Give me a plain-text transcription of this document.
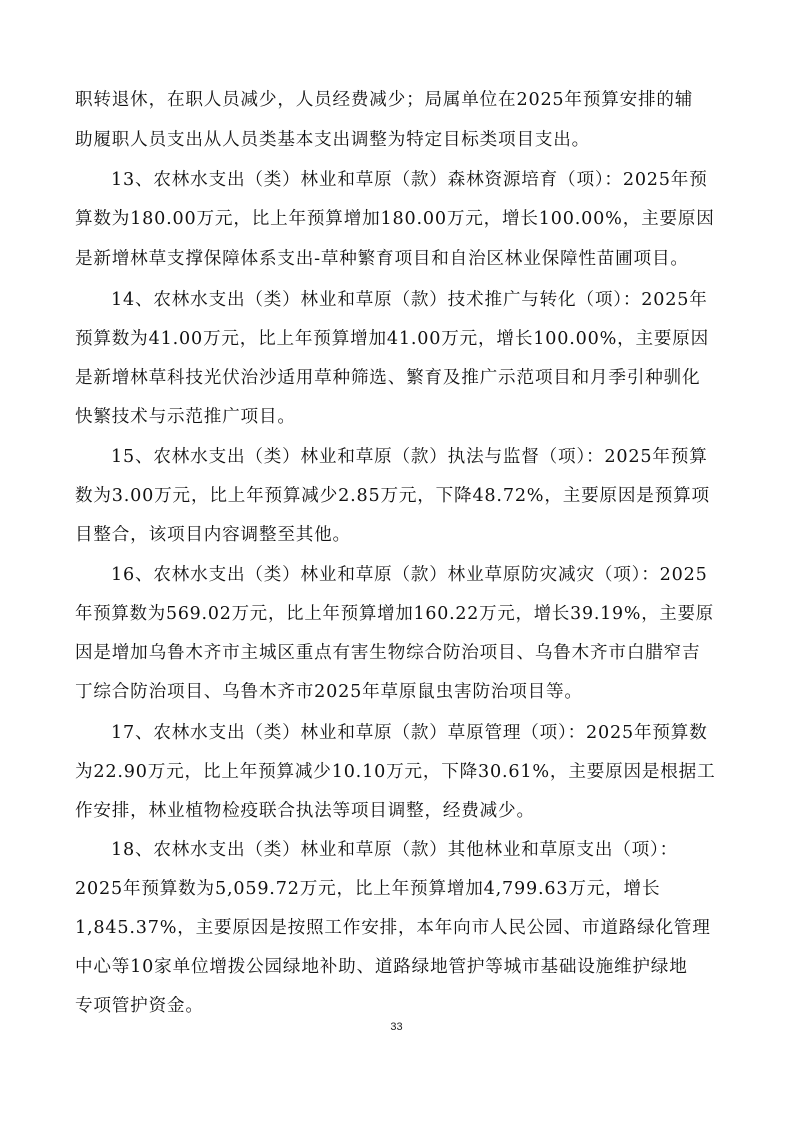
职转退休，在职人员减少，人员经费减少；局属单位在2025年预算安排的辅
助履职人员支出从人员类基本支出调整为特定目标类项目支出。
13、农林水支出（类）林业和草原（款）森林资源培育（项）：2025年预
算数为180.00万元，比上年预算增加180.00万元，增长100.00%，主要原因
是新增林草支撑保障体系支出-草种繁育项目和自治区林业保障性苗圃项目。
14、农林水支出（类）林业和草原（款）技术推广与转化（项）：2025年
预算数为41.00万元，比上年预算增加41.00万元，增长100.00%，主要原因
是新增林草科技光伏治沙适用草种筛选、繁育及推广示范项目和月季引种驯化
快繁技术与示范推广项目。
15、农林水支出（类）林业和草原（款）执法与监督（项）：2025年预算
数为3.00万元，比上年预算减少2.85万元，下降48.72%，主要原因是预算项
目整合，该项目内容调整至其他。
16、农林水支出（类）林业和草原（款）林业草原防灾减灾（项）：2025
年预算数为569.02万元，比上年预算增加160.22万元，增长39.19%，主要原
因是增加乌鲁木齐市主城区重点有害生物综合防治项目、乌鲁木齐市白腊窄吉
丁综合防治项目、乌鲁木齐市2025年草原鼠虫害防治项目等。
17、农林水支出（类）林业和草原（款）草原管理（项）：2025年预算数
为22.90万元，比上年预算减少10.10万元，下降30.61%，主要原因是根据工
作安排，林业植物检疫联合执法等项目调整，经费减少。
18、农林水支出（类）林业和草原（款）其他林业和草原支出（项）：
2025年预算数为5,059.72万元，比上年预算增加4,799.63万元，增长
1,845.37%，主要原因是按照工作安排，本年向市人民公园、市道路绿化管理
中心等10家单位增拨公园绿地补助、道路绿地管护等城市基础设施维护绿地
专项管护资金。
33
